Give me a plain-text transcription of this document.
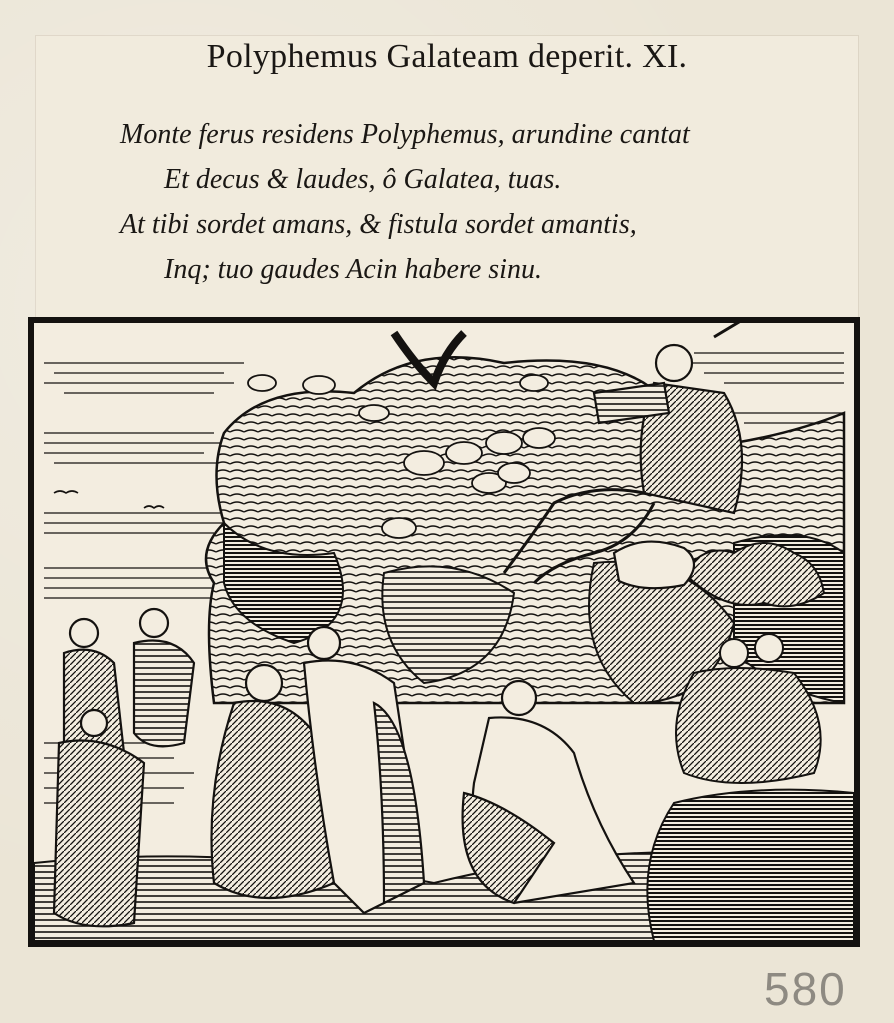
Polyphemus Galateam deperit. XI.
Monte ferus residens Polyphemus, arundine cantat
Et decus & laudes, ô Galatea, tuas.
At tibi sordet amans, & fistula sordet amantis,
Inq; tuo gaudes Acin habere sinu.
580
